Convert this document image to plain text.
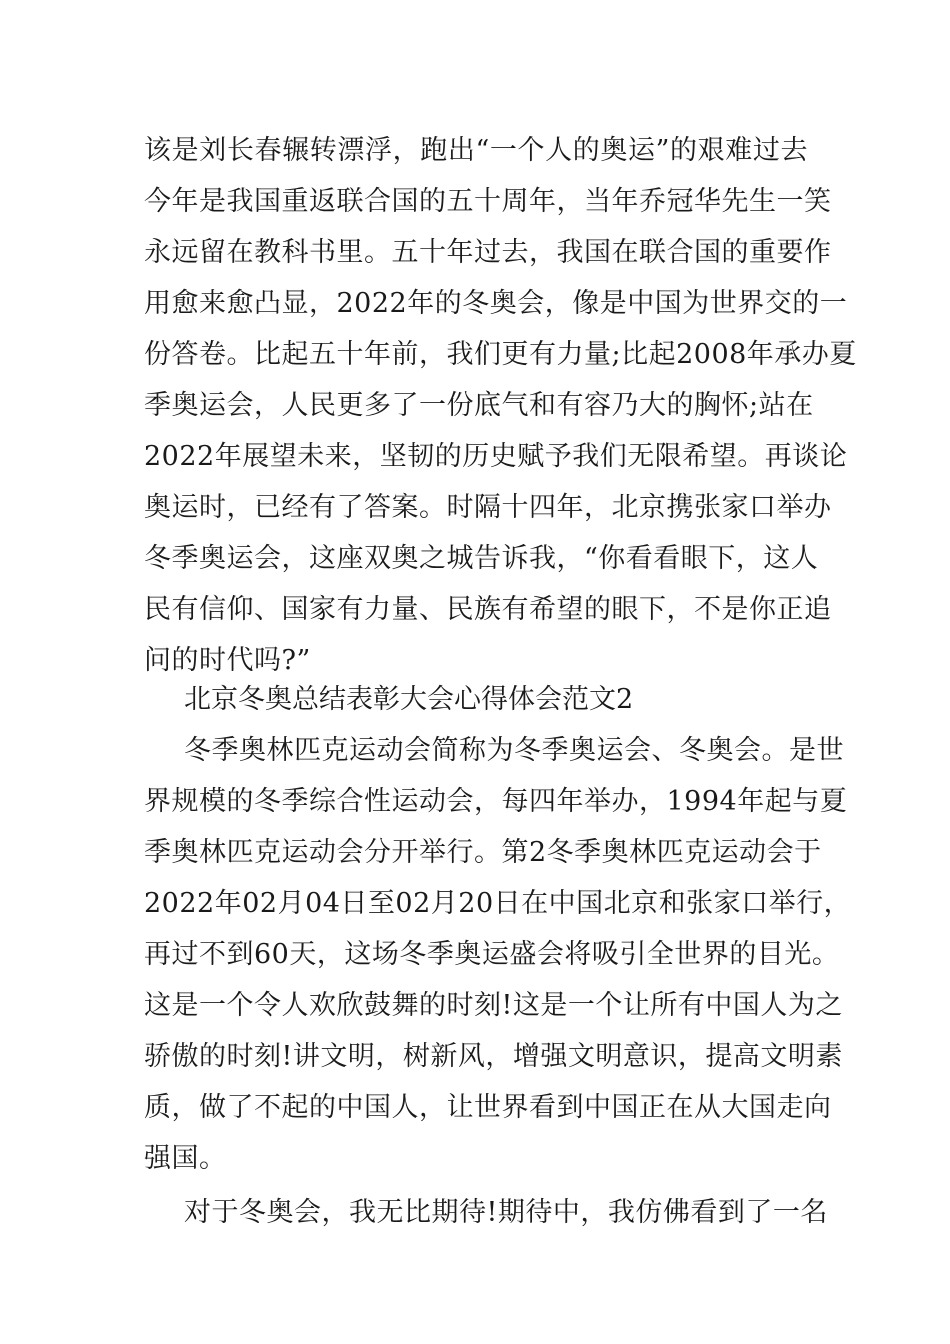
该是刘长春辗转漂浮，跑出“一个人的奥运”的艰难过去
今年是我国重返联合国的五十周年，当年乔冠华先生一笑
永远留在教科书里。五十年过去，我国在联合国的重要作
用愈来愈凸显，2022年的冬奥会，像是中国为世界交的一
份答卷。比起五十年前，我们更有力量;比起2008年承办夏
季奥运会，人民更多了一份底气和有容乃大的胸怀;站在
2022年展望未来，坚韧的历史赋予我们无限希望。再谈论
奥运时，已经有了答案。时隔十四年，北京携张家口举办
冬季奥运会，这座双奥之城告诉我，“你看看眼下，这人
民有信仰、国家有力量、民族有希望的眼下，不是你正追
问的时代吗?”
北京冬奥总结表彰大会心得体会范文2
冬季奥林匹克运动会简称为冬季奥运会、冬奥会。是世
界规模的冬季综合性运动会，每四年举办，1994年起与夏
季奥林匹克运动会分开举行。第2冬季奥林匹克运动会于
2022年02月04日至02月20日在中国北京和张家口举行，
再过不到60天，这场冬季奥运盛会将吸引全世界的目光。
这是一个令人欢欣鼓舞的时刻!这是一个让所有中国人为之
骄傲的时刻!讲文明，树新风，增强文明意识，提高文明素
质，做了不起的中国人，让世界看到中国正在从大国走向
强国。
对于冬奥会，我无比期待!期待中，我仿佛看到了一名
